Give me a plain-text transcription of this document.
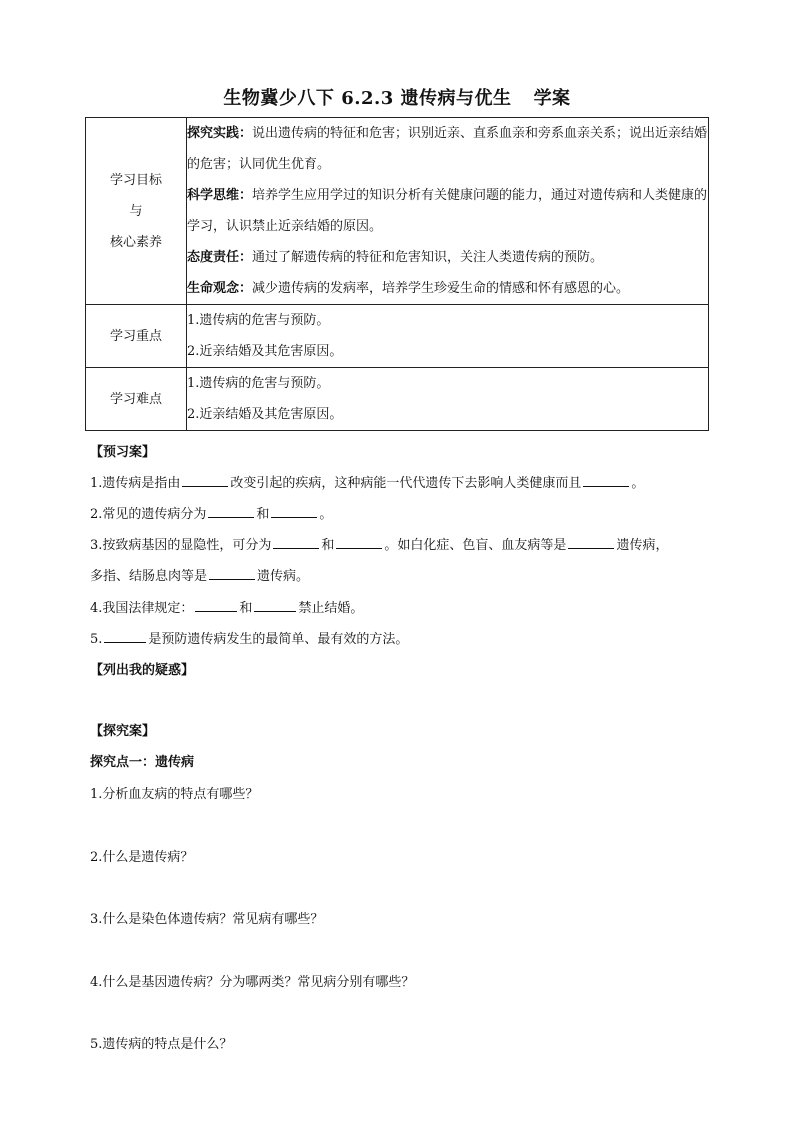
生物冀少八下 6.2.3 遗传病与优生 学案
学习目标
与
核心素养	探究实践：说出遗传病的特征和危害；识别近亲、直系血亲和旁系血亲关系；说出近亲结婚的危害；认同优生优育。
科学思维：培养学生应用学过的知识分析有关健康问题的能力，通过对遗传病和人类健康的学习，认识禁止近亲结婚的原因。
态度责任：通过了解遗传病的特征和危害知识，关注人类遗传病的预防。
生命观念：减少遗传病的发病率，培养学生珍爱生命的情感和怀有感恩的心。

学习重点	1.遗传病的危害与预防。
2.近亲结婚及其危害原因。

学习难点	1.遗传病的危害与预防。
2.近亲结婚及其危害原因。
【预习案】
1.遗传病是指由	改变引起的疾病，这种病能一代代遗传下去影响人类健康而且	。
2.常见的遗传病分为	和	。
3.按致病基因的显隐性，可分为	和	。如白化症、色盲、血友病等是	遗传病，
多指、结肠息肉等是	遗传病。
4.我国法律规定：	和	禁止结婚。
5.	是预防遗传病发生的最简单、最有效的方法。
【列出我的疑惑】
【探究案】
探究点一：遗传病
1.分析血友病的特点有哪些？
2.什么是遗传病？
3.什么是染色体遗传病？常见病有哪些？
4.什么是基因遗传病？分为哪两类？常见病分别有哪些？
5.遗传病的特点是什么？
